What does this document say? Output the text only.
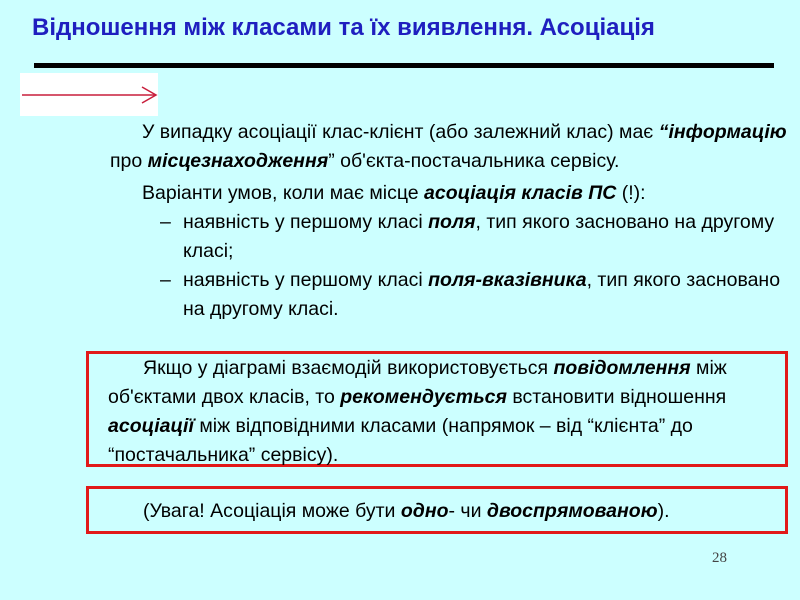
Відношення між класами та їх виявлення. Асоціація

У випадку асоціації клас-клієнт (або залежний клас) має “інформацію про місцезнаходження” об'єкта-постачальника сервісу.

Варіанти умов, коли має місце асоціація класів ПС (!):

– наявність у першому класі поля, тип якого засновано на другому класі;

– наявність у першому класі поля-вказівника, тип якого засновано на другому класі.

Якщо у діаграмі взаємодій використовується повідомлення між об'єктами двох класів, то рекомендується встановити відношення асоціації між відповідними класами (напрямок – від “клієнта” до “постачальника” сервісу).

(Увага! Асоціація може бути одно- чи двоспрямованою).
28
